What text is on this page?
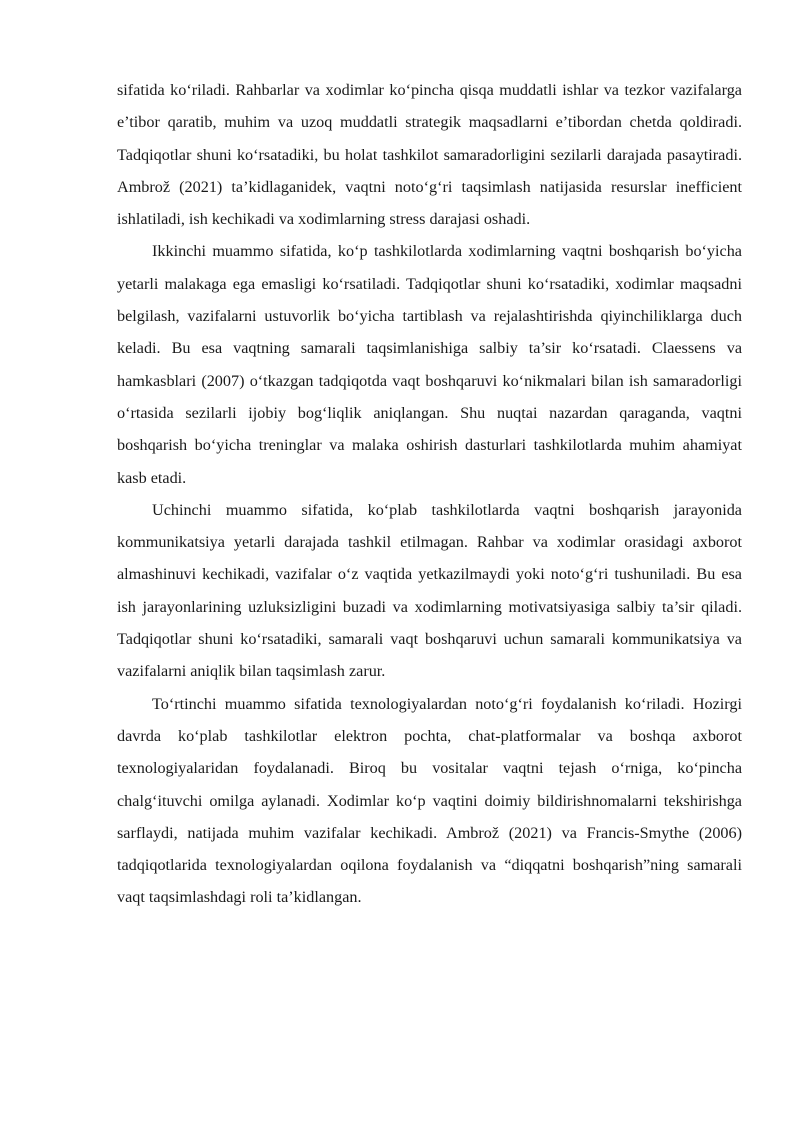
sifatida koʻriladi. Rahbarlar va xodimlar koʻpincha qisqa muddatli ishlar va tezkor vazifalarga e’tibor qaratib, muhim va uzoq muddatli strategik maqsadlarni e’tibordan chetda qoldiradi. Tadqiqotlar shuni koʻrsatadiki, bu holat tashkilot samaradorligini sezilarli darajada pasaytiradi. Ambrož (2021) ta’kidlaganidek, vaqtni notoʻgʻri taqsimlash natijasida resurslar inefficient ishlatiladi, ish kechikadi va xodimlarning stress darajasi oshadi.

Ikkinchi muammo sifatida, koʻp tashkilotlarda xodimlarning vaqtni boshqarish boʻyicha yetarli malakaga ega emasligi koʻrsatiladi. Tadqiqotlar shuni koʻrsatadiki, xodimlar maqsadni belgilash, vazifalarni ustuvorlik boʻyicha tartiblash va rejalashtirishda qiyinchiliklarga duch keladi. Bu esa vaqtning samarali taqsimlanishiga salbiy ta’sir koʻrsatadi. Claessens va hamkasblari (2007) oʻtkazgan tadqiqotda vaqt boshqaruvi koʻnikmalari bilan ish samaradorligi oʻrtasida sezilarli ijobiy bogʻliqlik aniqlangan. Shu nuqtai nazardan qaraganda, vaqtni boshqarish boʻyicha treninglar va malaka oshirish dasturlari tashkilotlarda muhim ahamiyat kasb etadi.

Uchinchi muammo sifatida, koʻplab tashkilotlarda vaqtni boshqarish jarayonida kommunikatsiya yetarli darajada tashkil etilmagan. Rahbar va xodimlar orasidagi axborot almashinuvi kechikadi, vazifalar oʻz vaqtida yetkazilmaydi yoki notoʻgʻri tushuniladi. Bu esa ish jarayonlarining uzluksizligini buzadi va xodimlarning motivatsiyasiga salbiy ta’sir qiladi. Tadqiqotlar shuni koʻrsatadiki, samarali vaqt boshqaruvi uchun samarali kommunikatsiya va vazifalarni aniqlik bilan taqsimlash zarur.

Toʻrtinchi muammo sifatida texnologiyalardan notoʻgʻri foydalanish koʻriladi. Hozirgi davrda koʻplab tashkilotlar elektron pochta, chat-platformalar va boshqa axborot texnologiyalaridan foydalanadi. Biroq bu vositalar vaqtni tejash oʻrniga, koʻpincha chalgʻituvchi omilga aylanadi. Xodimlar koʻp vaqtini doimiy bildirishnomalarni tekshirishga sarflaydi, natijada muhim vazifalar kechikadi. Ambrož (2021) va Francis-Smythe (2006) tadqiqotlarida texnologiyalardan oqilona foydalanish va “diqqatni boshqarish”ning samarali vaqt taqsimlashdagi roli ta’kidlangan.
